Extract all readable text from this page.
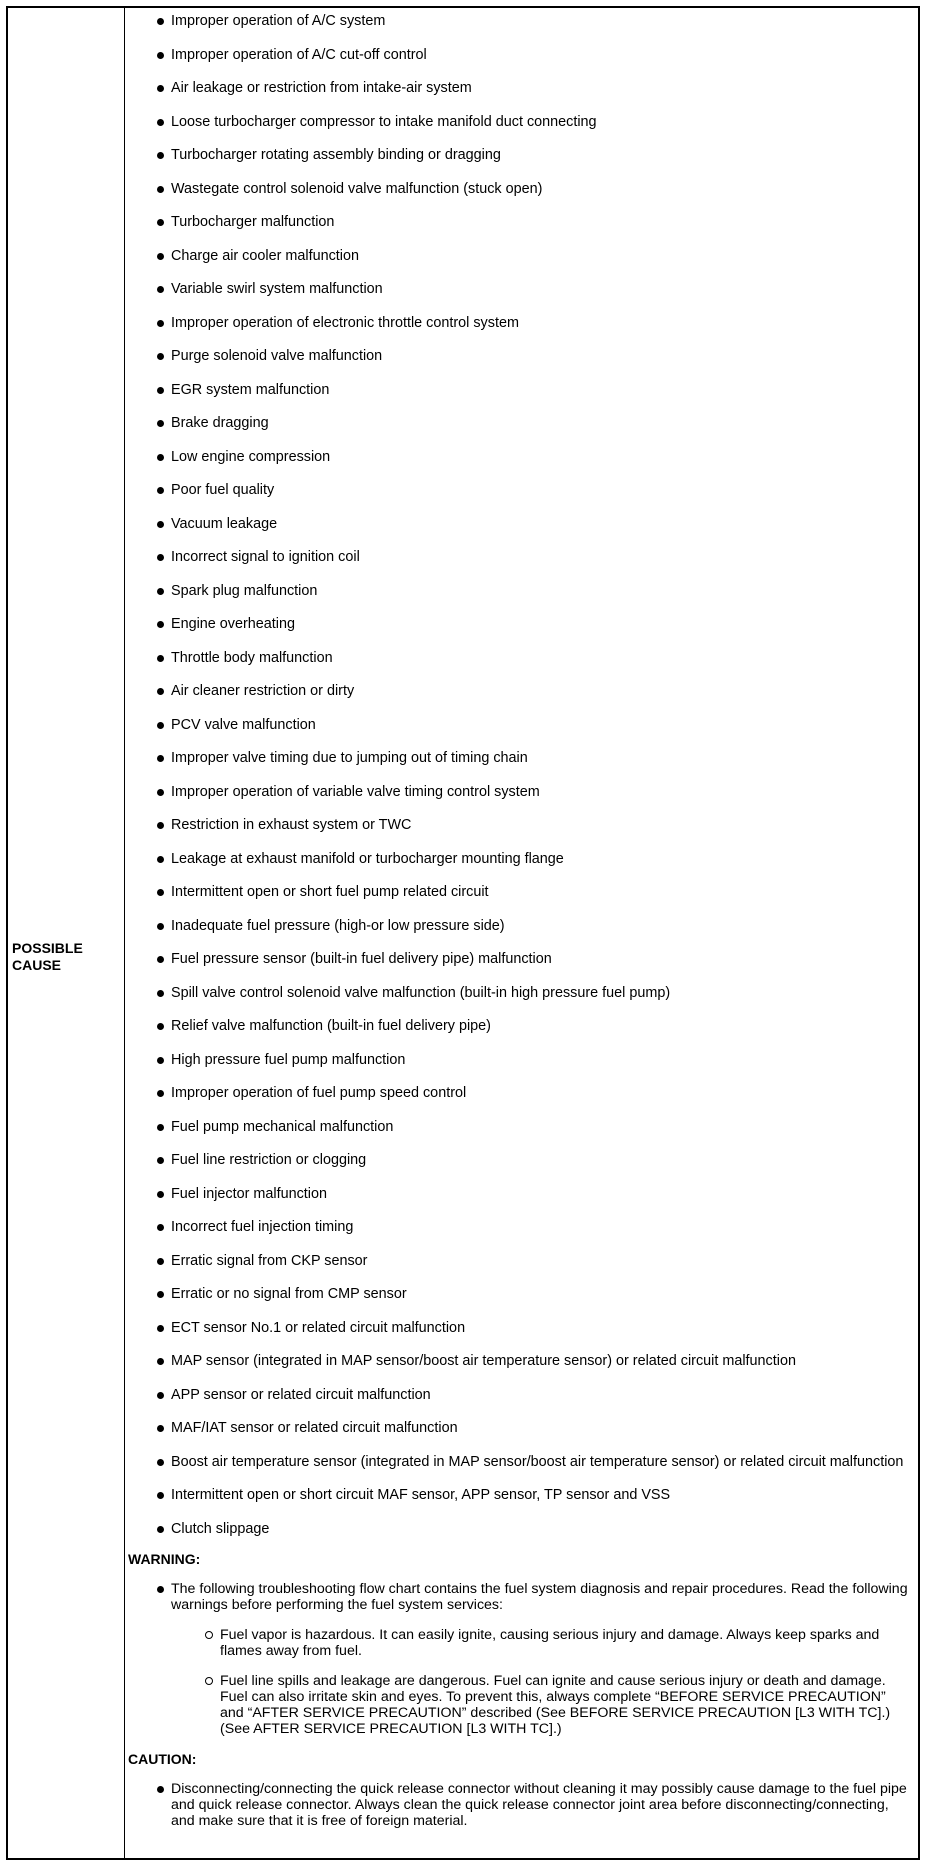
POSSIBLE
CAUSE
Improper operation of A/C system
Improper operation of A/C cut-off control
Air leakage or restriction from intake-air system
Loose turbocharger compressor to intake manifold duct connecting
Turbocharger rotating assembly binding or dragging
Wastegate control solenoid valve malfunction (stuck open)
Turbocharger malfunction
Charge air cooler malfunction
Variable swirl system malfunction
Improper operation of electronic throttle control system
Purge solenoid valve malfunction
EGR system malfunction
Brake dragging
Low engine compression
Poor fuel quality
Vacuum leakage
Incorrect signal to ignition coil
Spark plug malfunction
Engine overheating
Throttle body malfunction
Air cleaner restriction or dirty
PCV valve malfunction
Improper valve timing due to jumping out of timing chain
Improper operation of variable valve timing control system
Restriction in exhaust system or TWC
Leakage at exhaust manifold or turbocharger mounting flange
Intermittent open or short fuel pump related circuit
Inadequate fuel pressure (high-or low pressure side)
Fuel pressure sensor (built-in fuel delivery pipe) malfunction
Spill valve control solenoid valve malfunction (built-in high pressure fuel pump)
Relief valve malfunction (built-in fuel delivery pipe)
High pressure fuel pump malfunction
Improper operation of fuel pump speed control
Fuel pump mechanical malfunction
Fuel line restriction or clogging
Fuel injector malfunction
Incorrect fuel injection timing
Erratic signal from CKP sensor
Erratic or no signal from CMP sensor
ECT sensor No.1 or related circuit malfunction
MAP sensor (integrated in MAP sensor/boost air temperature sensor) or related circuit malfunction
APP sensor or related circuit malfunction
MAF/IAT sensor or related circuit malfunction
Boost air temperature sensor (integrated in MAP sensor/boost air temperature sensor) or related circuit malfunction
Intermittent open or short circuit MAF sensor, APP sensor, TP sensor and VSS
Clutch slippage
WARNING:
The following troubleshooting flow chart contains the fuel system diagnosis and repair procedures. Read the following warnings before performing the fuel system services:
Fuel vapor is hazardous. It can easily ignite, causing serious injury and damage. Always keep sparks and flames away from fuel.
Fuel line spills and leakage are dangerous. Fuel can ignite and cause serious injury or death and damage. Fuel can also irritate skin and eyes. To prevent this, always complete “BEFORE SERVICE PRECAUTION” and “AFTER SERVICE PRECAUTION” described (See BEFORE SERVICE PRECAUTION [L3 WITH TC].) (See AFTER SERVICE PRECAUTION [L3 WITH TC].)
CAUTION:
Disconnecting/connecting the quick release connector without cleaning it may possibly cause damage to the fuel pipe and quick release connector. Always clean the quick release connector joint area before disconnecting/connecting, and make sure that it is free of foreign material.
